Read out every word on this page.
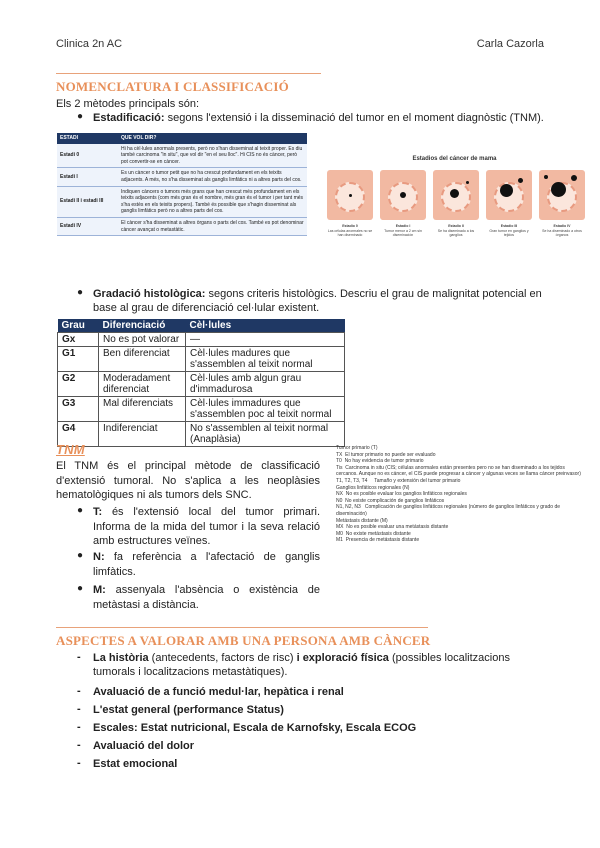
Clinica 2n AC	Carla Cazorla
NOMENCLATURA I CLASSIFICACIÓ
Els 2 mètodes principals són:
● Estadificació: segons l'extensió i la disseminació del tumor en el moment diagnòstic (TNM).
ESTADI	QUE VOL DIR?
Estadi 0	Hi ha cèl·lules anormals presents, però no s'han disseminat al teixit proper. Es diu també carcinoma "in situ", que vol dir "en el seu lloc". Hi CIS no és càncer, però pot convertir-se en càncer.
Estadi I	Es un càncer o tumor petit que no ha crescut profundament en els teixits adjacents. A més, no s'ha disseminat als ganglis limfàtics ni a altres parts del cos.
Estadi II i estadi III	Indiquen càncers o tumors més grans que han crescut més profundament en els teixits adjacents (com més gran és el nombre, més gran és el tumor i per tant més s'ha estès en els teixits propers). També és possible que s'hagin disseminat als ganglis limfàtics però no a altres parts del cos.
Estadi IV	El càncer s'ha disseminat a altres òrgans o parts del cos. També es pot denominar càncer avançat o metastàtic.
Estadios del cáncer de mama
Estadio 0
Las células anormales no se han diseminado
Estadio I
Tumor menor a 2 cm sin diseminación
Estadio II
Se ha diseminado a los ganglios
Estadio III
Gran tumor en ganglios y tejidos
Estadio IV
Se ha diseminado a otros órganos
● Gradació histològica: segons criteris histològics. Descriu el grau de malignitat potencial en base al grau de diferenciació cel·lular existent.
Grau	Diferenciació	Cèl·lules
Gx	No es pot valorar	—
G1	Ben diferenciat	Cèl·lules madures que s'assemblen al teixit normal
G2	Moderadament diferenciat	Cèl·lules amb algun grau d'immadurosa
G3	Mal diferenciats	Cèl·lules immadures que s'assemblen poc al teixit normal
G4	Indiferenciat	No s'assemblen al teixit normal (Anaplàsia)
TNM
El TNM és el principal mètode de classificació d'extensió tumoral. No s'aplica a les neoplàsies hematològiques ni als tumors dels SNC.
● T: és l'extensió local del tumor primari. Informa de la mida del tumor i la seva relació amb estructures veïnes.
● N: fa referència a l'afectació de ganglis limfàtics.
● M: assenyala l'absència o existència de metàstasi a distància.
Tumor primario (T)
TX  El tumor primario no puede ser evaluado
T0  No hay evidencia de tumor primario
Tis  Carcinoma in situ (CIS; células anormales están presentes pero no se han diseminado a los tejidos cercanos. Aunque no es cáncer, el CIS puede progresar a cáncer y algunas veces se llama cáncer preinvasor)
T1, T2, T3, T4     Tamaño y extensión del tumor primario
Ganglios linfáticos regionales (N)
NX  No es posible evaluar los ganglios linfáticos regionales
N0  No existe complicación de ganglios linfáticos
N1, N2, N3   Complicación de ganglios linfáticos regionales (número de ganglios linfáticos y grado de diseminación)
Metástasis distante (M)
MX  No es posible evaluar una metástasis distante
M0  No existe metástasis distante
M1  Presencia de metástasis distante
ASPECTES A VALORAR AMB UNA PERSONA AMB CÀNCER
- La història (antecedents, factors de risc) i exploració física (possibles localitzacions tumorals i localitzacions metastàtiques).
- Avaluació de a funció medul·lar, hepàtica i renal
- L'estat general (performance Status)
- Escales: Estat nutricional, Escala de Karnofsky, Escala ECOG
- Avaluació del dolor
- Estat emocional
